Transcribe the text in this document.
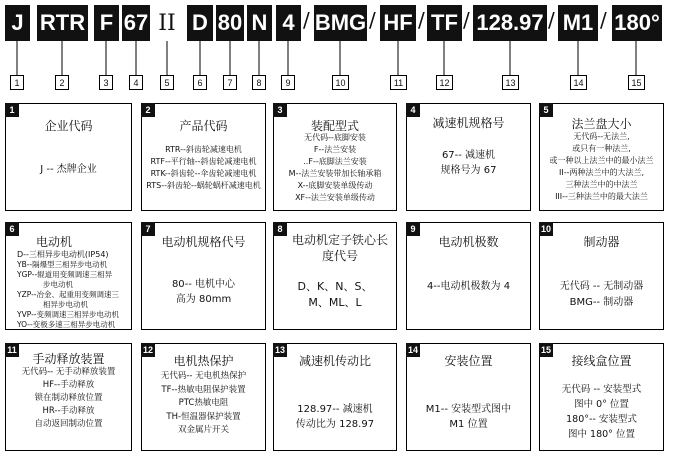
J RTR F 67 II D 80 N 4 / BMG / HF / TF / 128.97 / M1 / 180°
1	2	3	4	5	6	7	8	9	10	11	12	13	14	15
1
企业代码
J -- 杰牌企业
2
产品代码
RTR--斜齿轮减速电机
RTF--平行轴--斜齿轮减速电机
RTK--斜齿轮--伞齿轮减速电机
RTS--斜齿轮--蜗轮蜗杆减速电机
3
装配型式
无代码--底脚安装
F--法兰安装
..F--底脚法兰安装
M--法兰安装带加长轴承箱
X--底脚安装单级传动
XF--法兰安装单级传动
4
减速机规格号
67-- 减速机
规格号为 67
5
法兰盘大小
无代码--无法兰,
或只有一种法兰,
或一种以上法兰中的最小法兰
II--两种法兰中的大法兰,
三种法兰中的中法兰
III--三种法兰中的最大法兰
6
电动机
D--三相异步电动机(IP54)
YB--隔爆型三相异步电动机
YGP--辊道用变频调速三相异
步电动机
YZP--冶金、起重用变频调速三
相异步电动机
YVP--变频调速三相异步电动机
YO--变极多速三相异步电动机
7
电动机规格代号
80-- 电机中心
高为 80mm
8
电动机定子铁心长度代号
D、K、N、S、
M、ML、L
9
电动机极数
4--电动机极数为 4
10
制动器
无代码 -- 无制动器
BMG-- 制动器
11
手动释放装置
无代码-- 无手动释放装置
HF--手动释放
锁在制动释放位置
HR--手动释放
自动返回制动位置
12
电机热保护
无代码-- 无电机热保护
TF--热敏电阻保护装置
PTC热敏电阻
TH-恒温器保护装置
双金属片开关
13
减速机传动比
128.97-- 减速机
传动比为 128.97
14
安装位置
M1-- 安装型式图中
M1 位置
15
接线盒位置
无代码 -- 安装型式
图中 0° 位置
180°-- 安装型式
图中 180° 位置
